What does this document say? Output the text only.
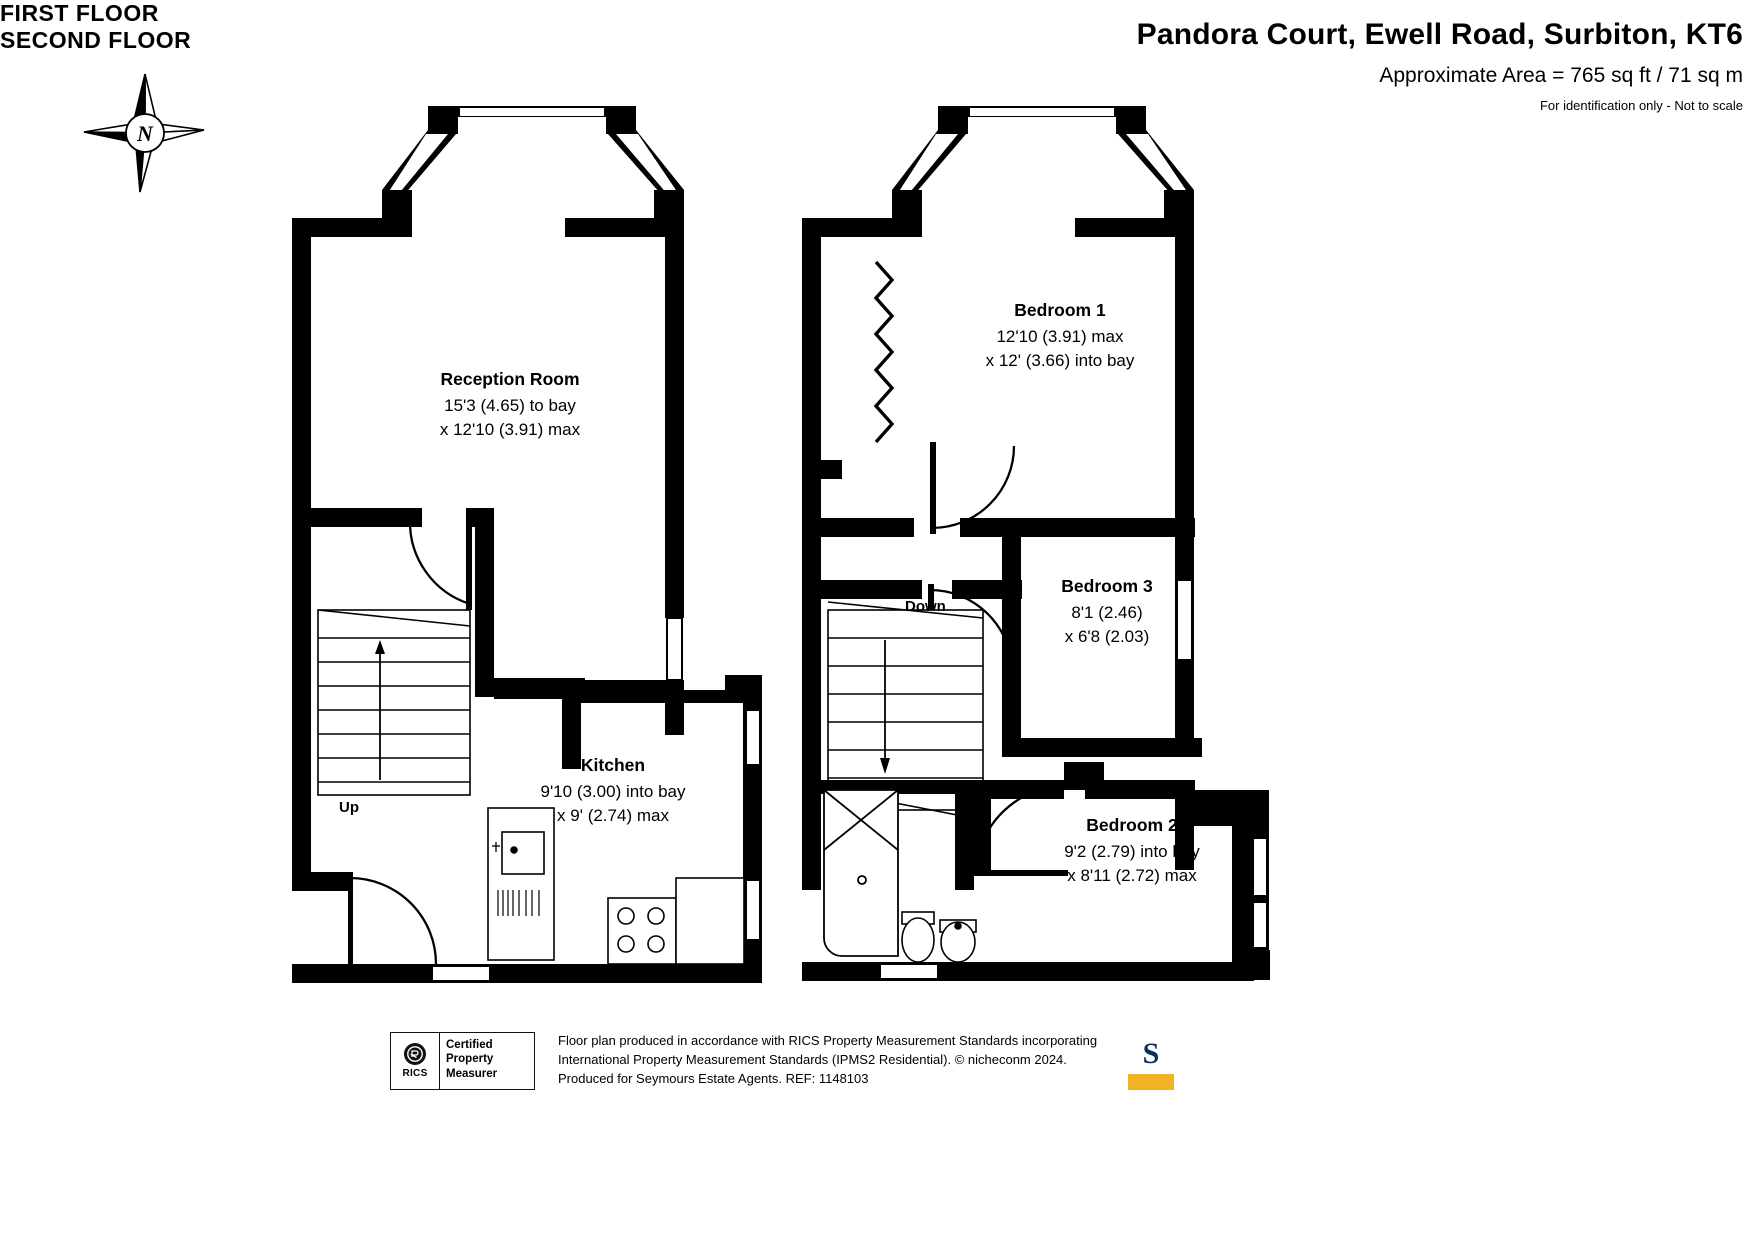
Pandora Court, Ewell Road, Surbiton, KT6
Approximate Area = 765 sq ft / 71 sq m
For identification only - Not to scale
N
Reception Room
15'3 (4.65) to bay
x 12'10 (3.91) max
Kitchen
9'10 (3.00) into bay
x 9' (2.74) max
Up
Bedroom 1
12'10 (3.91) max
x 12' (3.66) into bay
Bedroom 3
8'1 (2.46)
x 6'8 (2.03)
Bedroom 2
9'2 (2.79) into bay
x 8'11 (2.72) max
Down
FIRST FLOOR
SECOND FLOOR
RICS
Certified
Property
Measurer
Floor plan produced in accordance with RICS Property Measurement Standards incorporating
International Property Measurement Standards (IPMS2 Residential). © nicheconm 2024.
Produced for Seymours Estate Agents. REF: 1148103
S
